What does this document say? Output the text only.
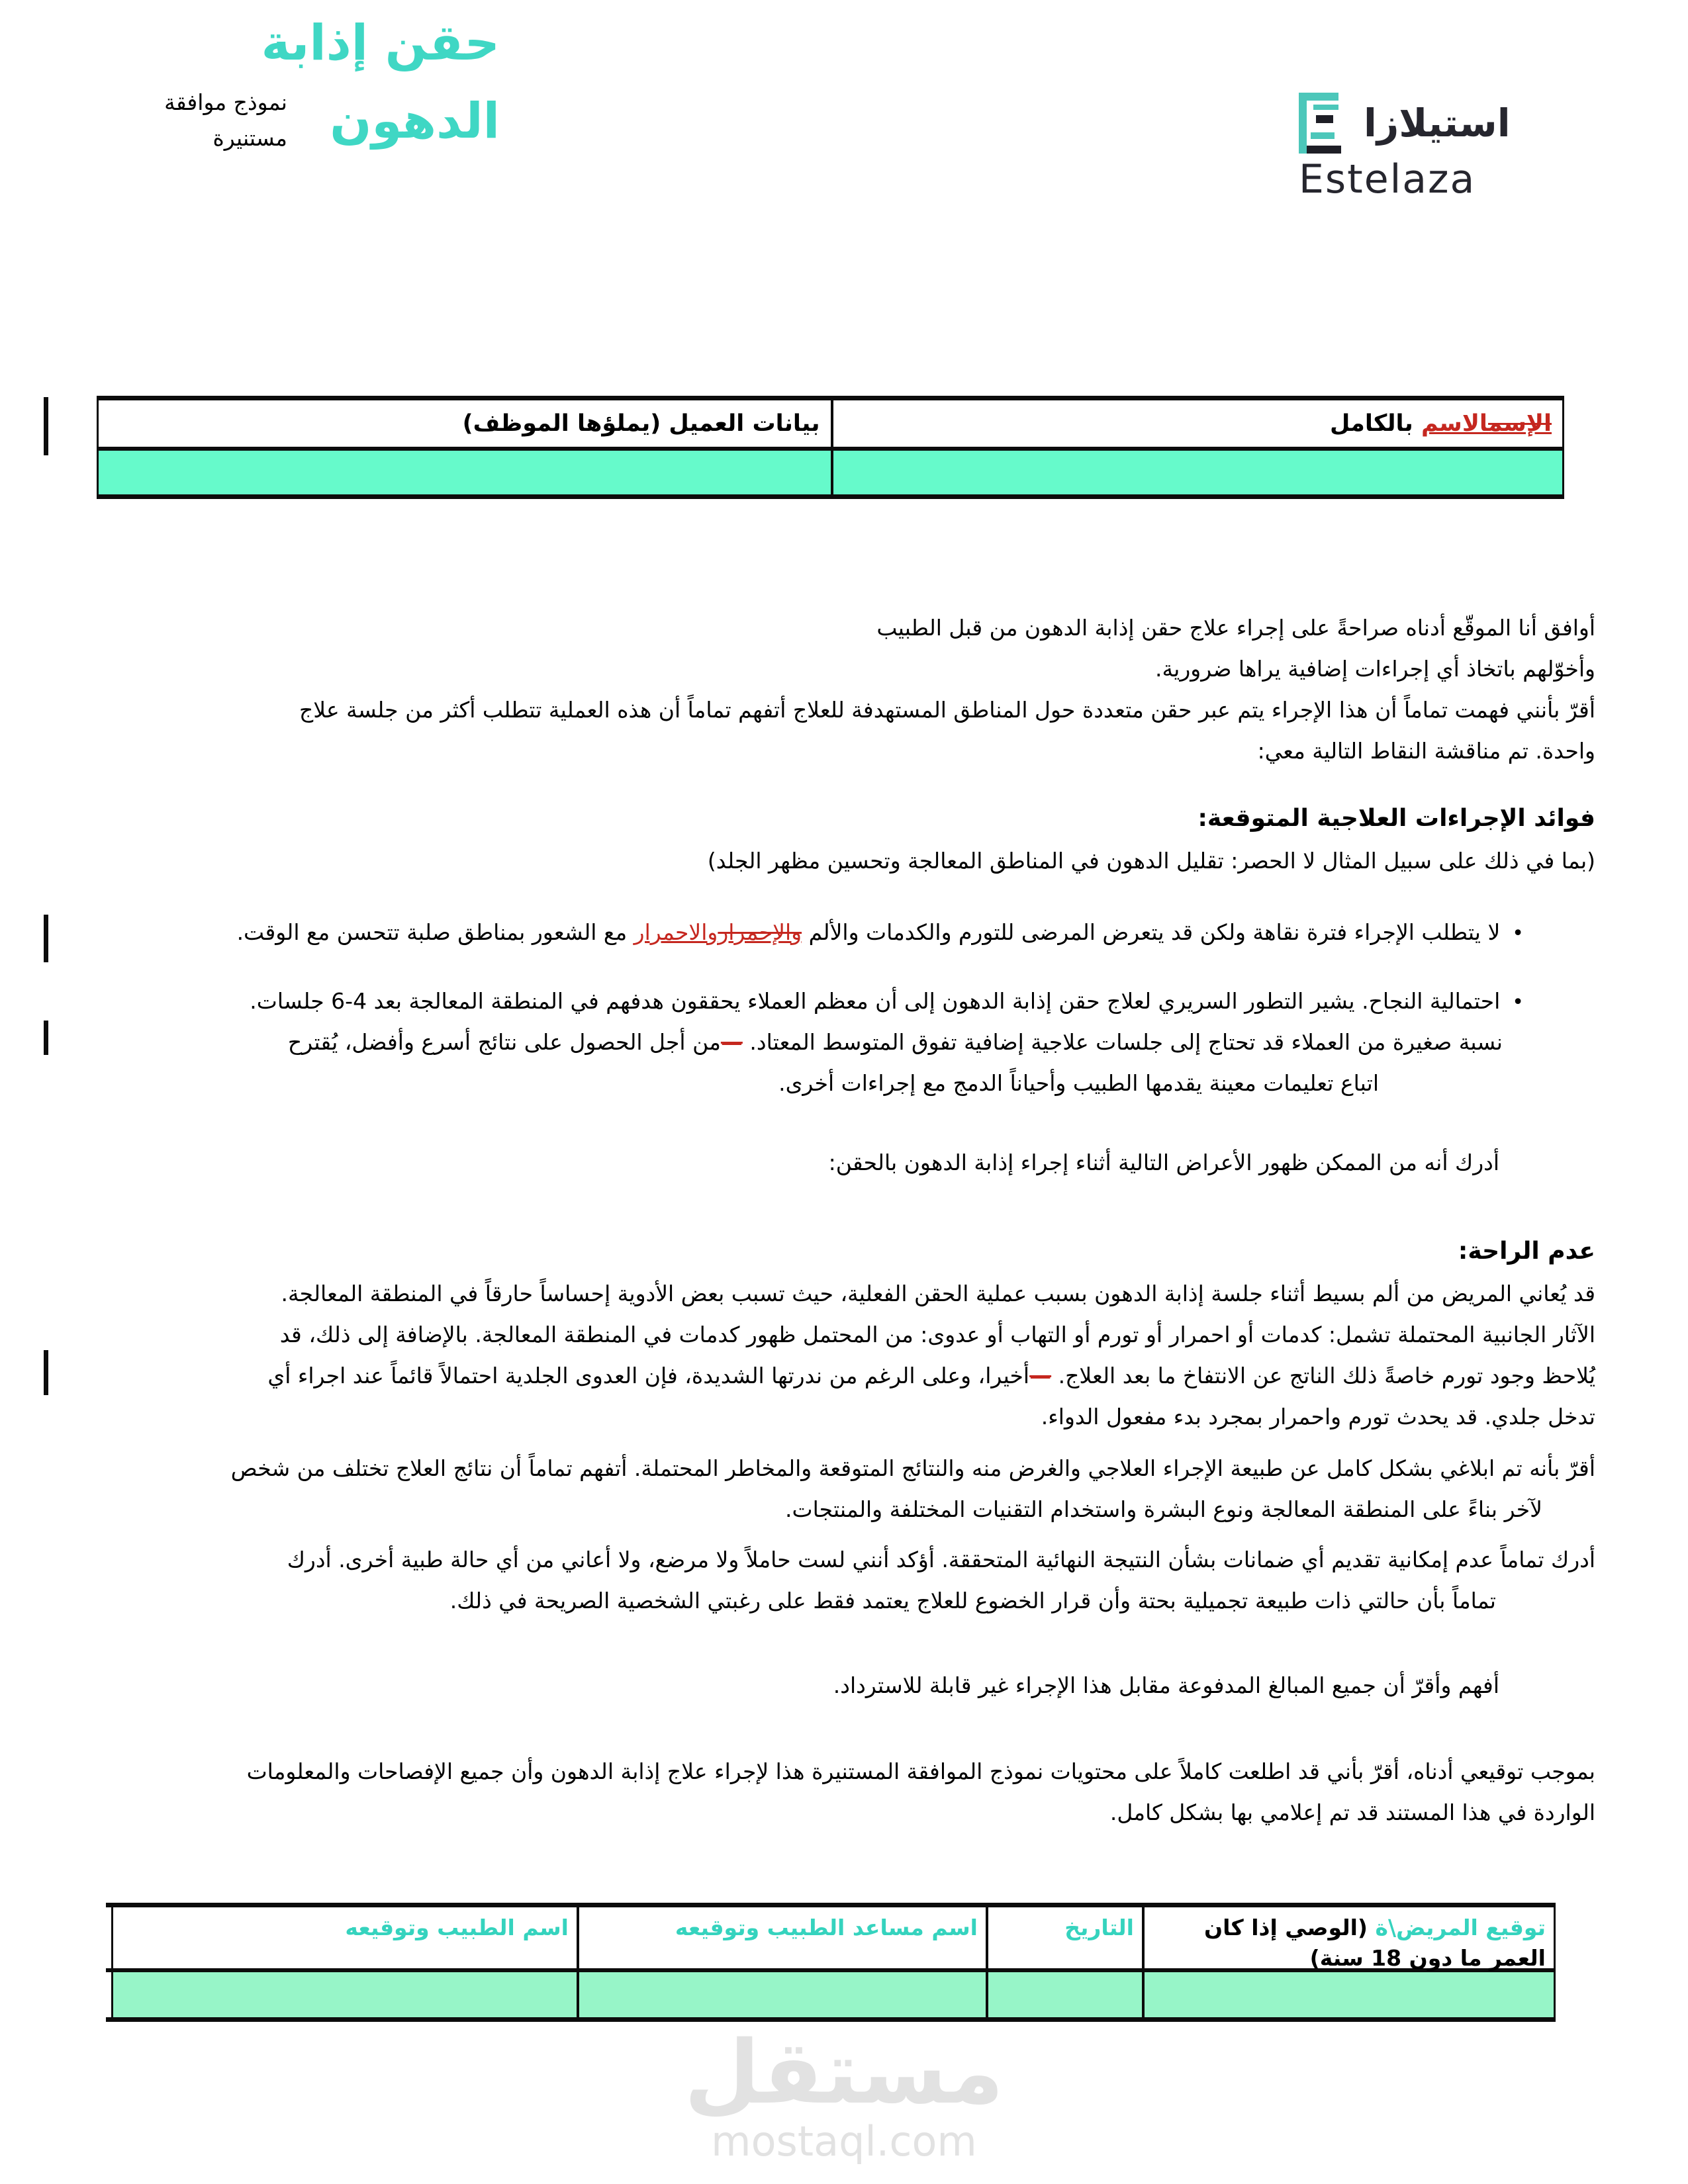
حقن إذابة
الدهون
نموذج موافقة مستنيرة	استيلازا
Estelaza
الإسمالاسم بالكامل
بيانات العميل (يملؤها الموظف)
أوافق أنا الموقّع أدناه صراحةً على إجراء علاج حقن إذابة الدهون من قبل الطبيب
وأخوّلهم باتخاذ أي إجراءات إضافية يراها ضرورية.
أقرّ بأنني فهمت تماماً أن هذا الإجراء يتم عبر حقن متعددة حول المناطق المستهدفة للعلاج أتفهم تماماً أن هذه العملية تتطلب أكثر من جلسة علاج
واحدة. تم مناقشة النقاط التالية معي:
فوائد الإجراءات العلاجية المتوقعة:
(بما في ذلك على سبيل المثال لا الحصر: تقليل الدهون في المناطق المعالجة وتحسين مظهر الجلد)
•لا يتطلب الإجراء فترة نقاهة ولكن قد يتعرض المرضى للتورم والكدمات والألم والإحمراروالاحمرار مع الشعور بمناطق صلبة تتحسن مع الوقت.
•احتمالية النجاح. يشير التطور السريري لعلاج حقن إذابة الدهون إلى أن معظم العملاء يحققون هدفهم في المنطقة المعالجة بعد 4-6 جلسات.
نسبة صغيرة من العملاء قد تحتاج إلى جلسات علاجية إضافية تفوق المتوسط المعتاد. —من أجل الحصول على نتائج أسرع وأفضل، يُقترح
اتباع تعليمات معينة يقدمها الطبيب وأحياناً الدمج مع إجراءات أخرى.
أدرك أنه من الممكن ظهور الأعراض التالية أثناء إجراء إذابة الدهون بالحقن:
عدم الراحة:
قد يُعاني المريض من ألم بسيط أثناء جلسة إذابة الدهون بسبب عملية الحقن الفعلية، حيث تسبب بعض الأدوية إحساساً حارقاً في المنطقة المعالجة.
الآثار الجانبية المحتملة تشمل: كدمات أو احمرار أو تورم أو التهاب أو عدوى: من المحتمل ظهور كدمات في المنطقة المعالجة. بالإضافة إلى ذلك، قد
يُلاحظ وجود تورم خاصةً ذلك الناتج عن الانتفاخ ما بعد العلاج. —أخيرا، وعلى الرغم من ندرتها الشديدة، فإن العدوى الجلدية احتمالاً قائماً عند اجراء أي
تدخل جلدي. قد يحدث تورم واحمرار بمجرد بدء مفعول الدواء.
أقرّ بأنه تم ابلاغي بشكل كامل عن طبيعة الإجراء العلاجي والغرض منه والنتائج المتوقعة والمخاطر المحتملة. أتفهم تماماً أن نتائج العلاج تختلف من شخص
لآخر بناءً على المنطقة المعالجة ونوع البشرة واستخدام التقنيات المختلفة والمنتجات.
أدرك تماماً عدم إمكانية تقديم أي ضمانات بشأن النتيجة النهائية المتحققة. أؤكد أنني لست حاملاً ولا مرضع، ولا أعاني من أي حالة طبية أخرى. أدرك
تماماً بأن حالتي ذات طبيعة تجميلية بحتة وأن قرار الخضوع للعلاج يعتمد فقط على رغبتي الشخصية الصريحة في ذلك.
أفهم وأقرّ أن جميع المبالغ المدفوعة مقابل هذا الإجراء غير قابلة للاسترداد.
بموجب توقيعي أدناه، أقرّ بأني قد اطلعت كاملاً على محتويات نموذج الموافقة المستنيرة هذا لإجراء علاج إذابة الدهون وأن جميع الإفصاحات والمعلومات
الواردة في هذا المستند قد تم إعلامي بها بشكل كامل.
توقيع المريض\ة (الوصي إذا كان العمر ما دون 18 سنة)
التاريخ
اسم مساعد الطبيب وتوقيعه
اسم الطبيب وتوقيعه
مستقل
mostaql.com
